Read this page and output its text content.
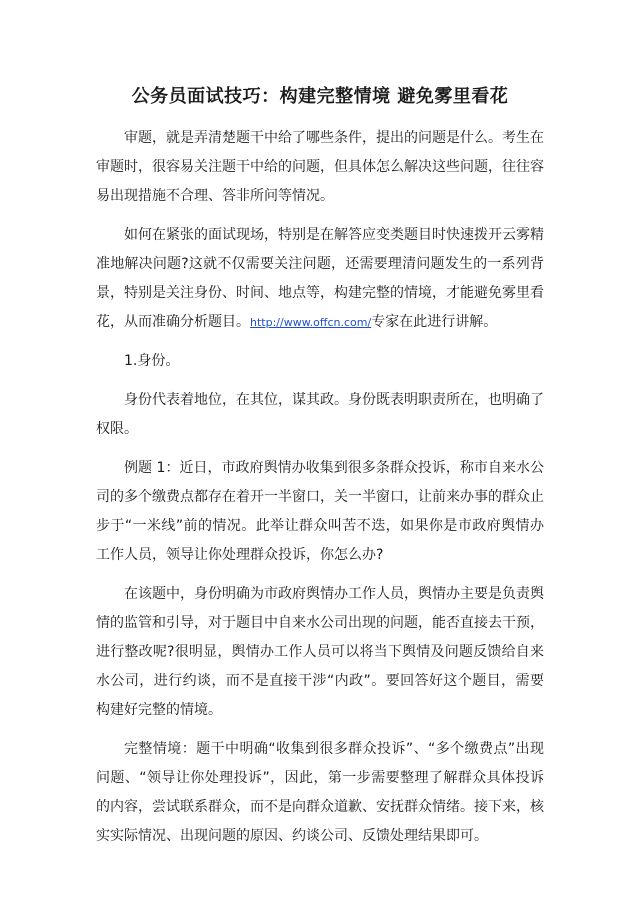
公务员面试技巧：构建完整情境 避免雾里看花

审题，就是弄清楚题干中给了哪些条件，提出的问题是什么。考生在审题时，很容易关注题干中给的问题，但具体怎么解决这些问题，往往容易出现措施不合理、答非所问等情况。

如何在紧张的面试现场，特别是在解答应变类题目时快速拨开云雾精准地解决问题?这就不仅需要关注问题，还需要理清问题发生的一系列背景，特别是关注身份、时间、地点等，构建完整的情境，才能避免雾里看花，从而准确分析题目。http://www.offcn.com/专家在此进行讲解。

1.身份。

身份代表着地位，在其位，谋其政。身份既表明职责所在，也明确了权限。

例题 1：近日，市政府舆情办收集到很多条群众投诉，称市自来水公司的多个缴费点都存在着开一半窗口，关一半窗口，让前来办事的群众止步于“一米线”前的情况。此举让群众叫苦不迭，如果你是市政府舆情办工作人员，领导让你处理群众投诉，你怎么办?

在该题中，身份明确为市政府舆情办工作人员，舆情办主要是负责舆情的监管和引导，对于题目中自来水公司出现的问题，能否直接去干预，进行整改呢?很明显，舆情办工作人员可以将当下舆情及问题反馈给自来水公司，进行约谈，而不是直接干涉“内政”。要回答好这个题目，需要构建好完整的情境。

完整情境：题干中明确“收集到很多群众投诉”、“多个缴费点”出现问题、“领导让你处理投诉”，因此，第一步需要整理了解群众具体投诉的内容，尝试联系群众，而不是向群众道歉、安抚群众情绪。接下来，核实实际情况、出现问题的原因、约谈公司、反馈处理结果即可。
